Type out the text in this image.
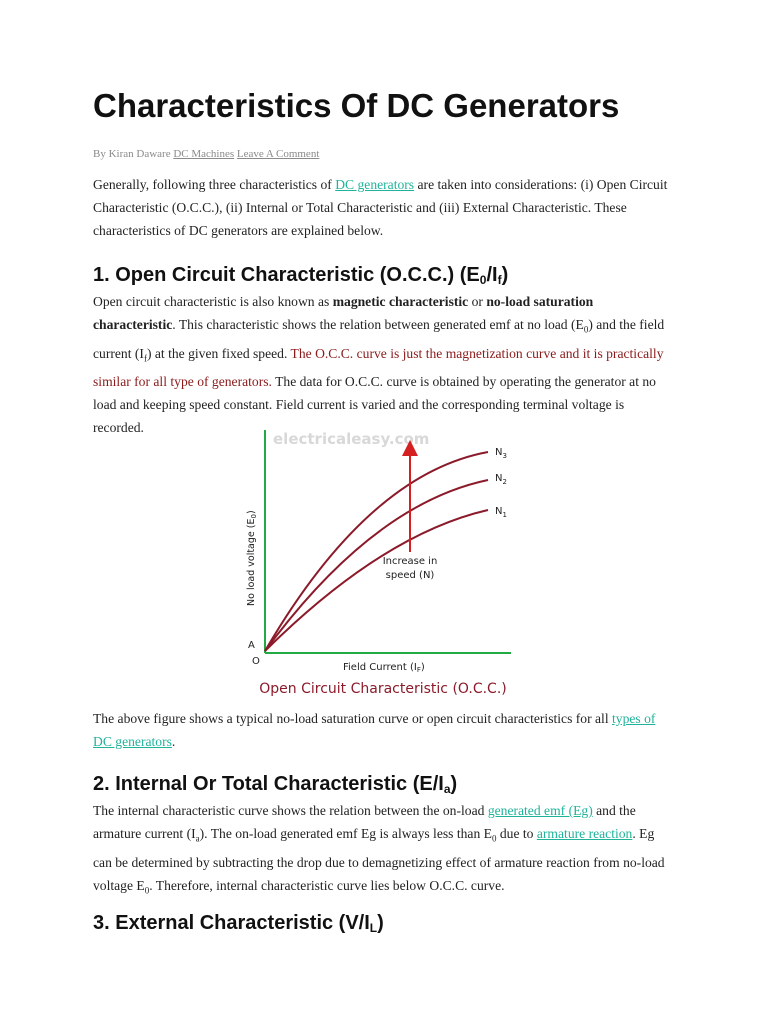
Characteristics Of DC Generators
By Kiran Daware DC Machines Leave A Comment

Generally, following three characteristics of DC generators are taken into considerations: (i) Open Circuit Characteristic (O.C.C.), (ii) Internal or Total Characteristic and (iii) External Characteristic. These characteristics of DC generators are explained below.

1. Open Circuit Characteristic (O.C.C.) $(E_0/I_f)$

Open circuit characteristic is also known as magnetic characteristic or no-load saturation characteristic. This characteristic shows the relation between generated emf at no load $(E_0)$ and the field current $(I_f)$ at the given fixed speed. The O.C.C. curve is just the magnetization curve and it is practically similar for all type of generators. The data for O.C.C. curve is obtained by operating the generator at no load and keeping speed constant. Field current is varied and the corresponding terminal voltage is recorded.

electricaleasy.com
$N_3$
$N_2$
$N_1$
Increase in
speed (N)
A
O
No load voltage $(E_0)$
Field Current $(I_F)$
Open Circuit Characteristic (O.C.C.)

The above figure shows a typical no-load saturation curve or open circuit characteristics for all types of DC generators.

2. Internal Or Total Characteristic $(E/I_a)$

The internal characteristic curve shows the relation between the on-load generated emf (Eg) and the armature current $(I_a)$. The on-load generated emf Eg is always less than $E_0$ due to armature reaction. Eg can be determined by subtracting the drop due to demagnetizing effect of armature reaction from no-load voltage $E_0$. Therefore, internal characteristic curve lies below O.C.C. curve.

3. External Characteristic $(V/I_L)$
